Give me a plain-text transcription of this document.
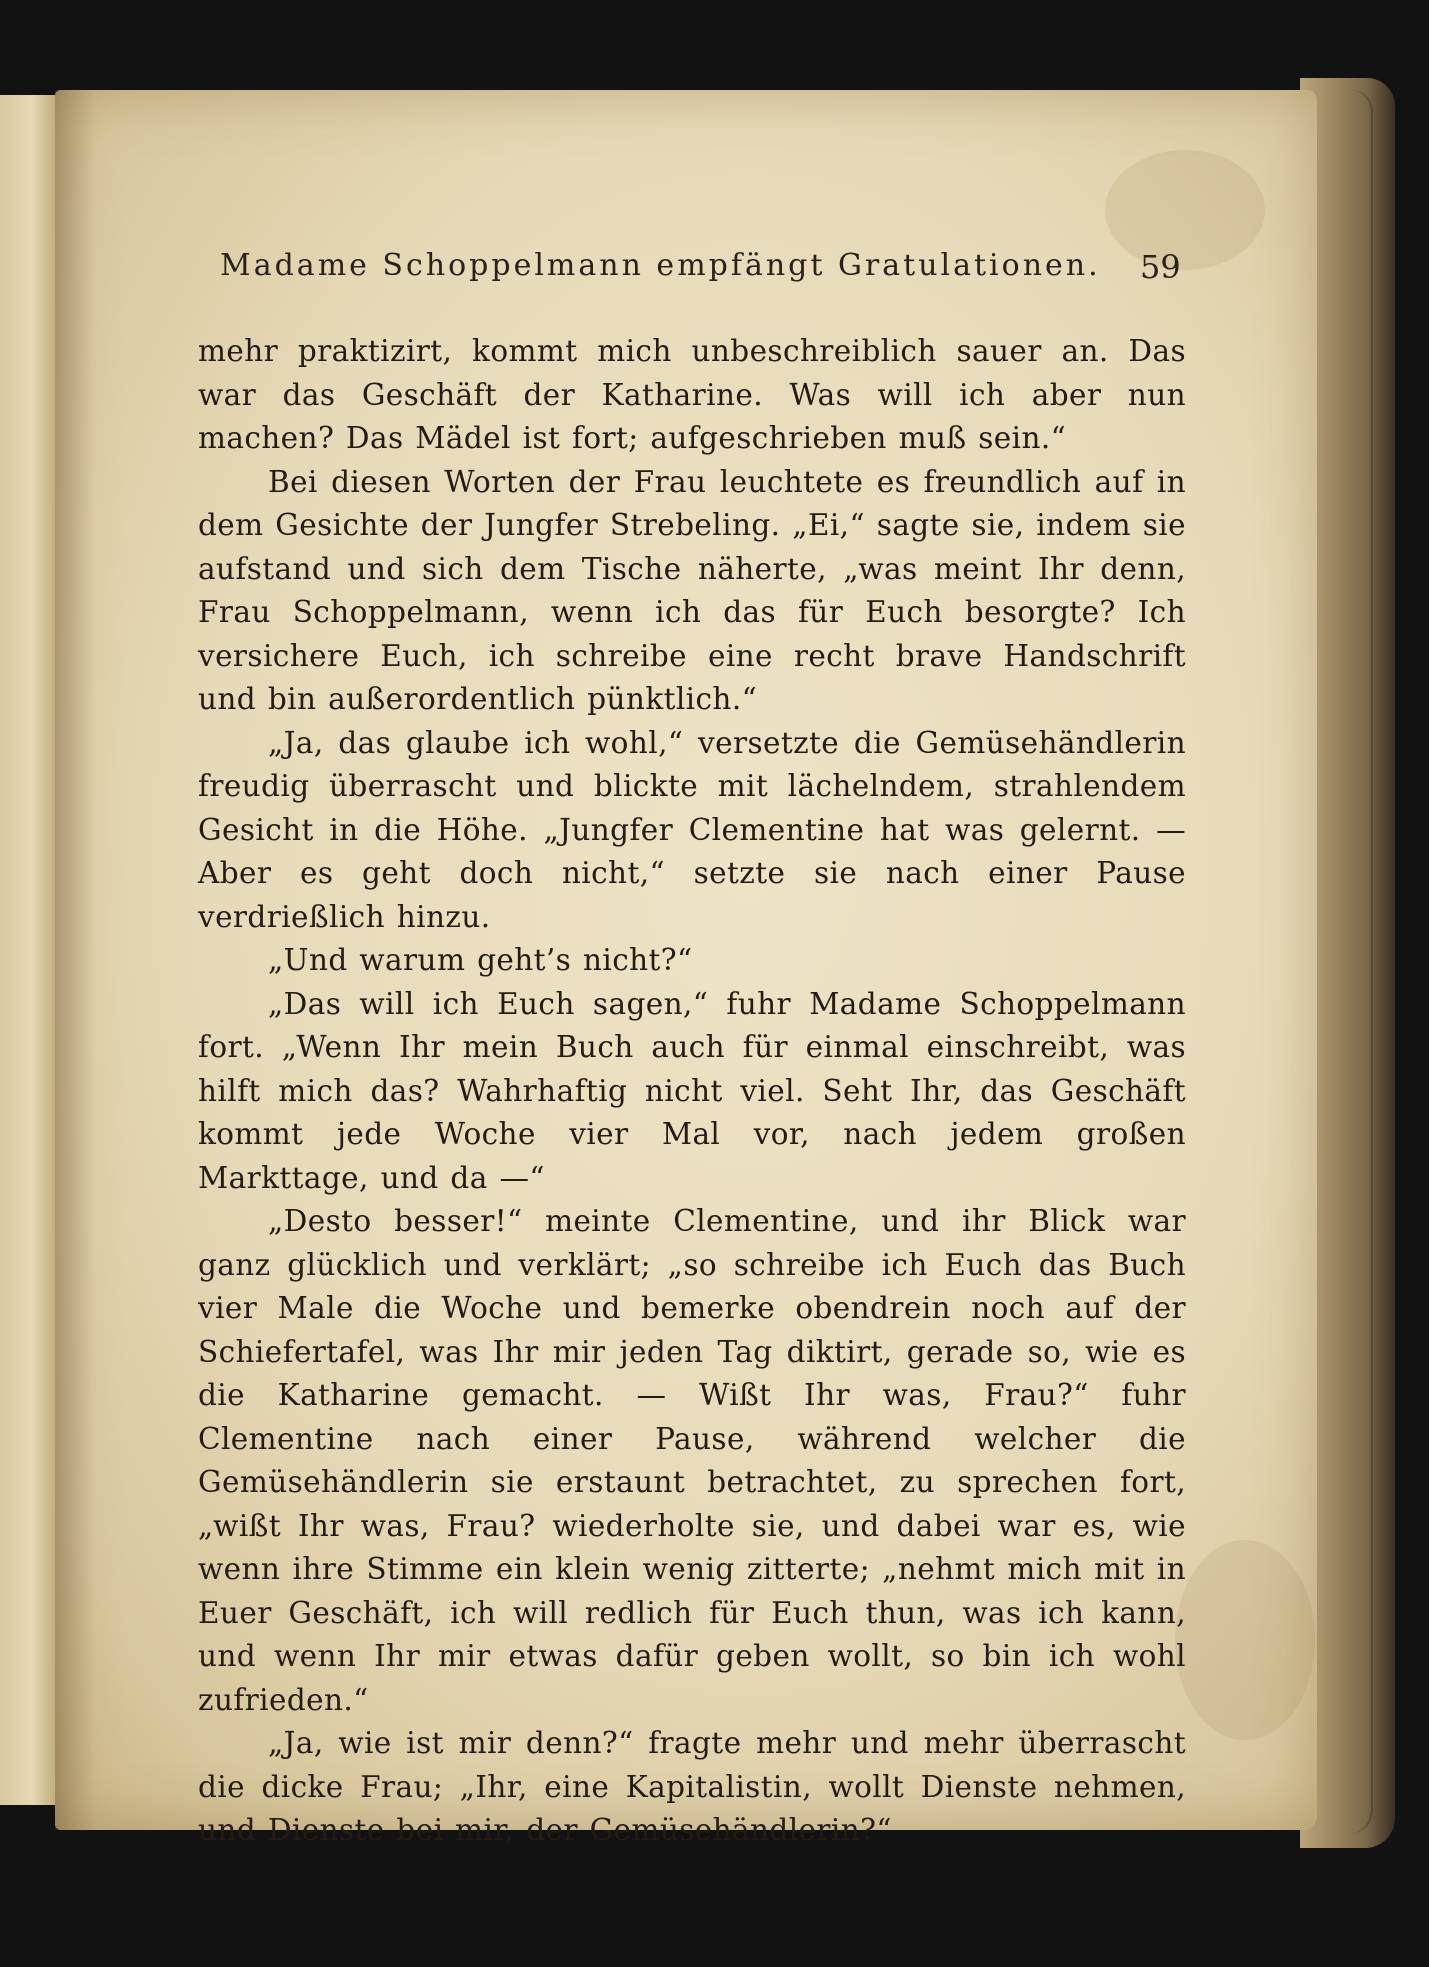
Madame Schoppelmann empfängt Gratulationen.	59

mehr praktizirt, kommt mich unbeschreiblich sauer an. Das war das Geschäft der Katharine. Was will ich aber nun machen? Das Mädel ist fort; aufgeschrieben muß sein.“

Bei diesen Worten der Frau leuchtete es freundlich auf in dem Gesichte der Jungfer Strebeling. „Ei,“ sagte sie, indem sie aufstand und sich dem Tische näherte, „was meint Ihr denn, Frau Schoppelmann, wenn ich das für Euch besorgte? Ich versichere Euch, ich schreibe eine recht brave Handschrift und bin außerordentlich pünktlich.“

„Ja, das glaube ich wohl,“ versetzte die Gemüsehändlerin freudig überrascht und blickte mit lächelndem, strahlendem Gesicht in die Höhe. „Jungfer Clementine hat was gelernt. — Aber es geht doch nicht,“ setzte sie nach einer Pause verdrießlich hinzu.

„Und warum geht’s nicht?“

„Das will ich Euch sagen,“ fuhr Madame Schoppelmann fort. „Wenn Ihr mein Buch auch für einmal einschreibt, was hilft mich das? Wahrhaftig nicht viel. Seht Ihr, das Geschäft kommt jede Woche vier Mal vor, nach jedem großen Markttage, und da —“

„Desto besser!“ meinte Clementine, und ihr Blick war ganz glücklich und verklärt; „so schreibe ich Euch das Buch vier Male die Woche und bemerke obendrein noch auf der Schiefertafel, was Ihr mir jeden Tag diktirt, gerade so, wie es die Katharine gemacht. — Wißt Ihr was, Frau?“ fuhr Clementine nach einer Pause, während welcher die Gemüsehändlerin sie erstaunt betrachtet, zu sprechen fort, „wißt Ihr was, Frau? wiederholte sie, und dabei war es, wie wenn ihre Stimme ein klein wenig zitterte; „nehmt mich mit in Euer Geschäft, ich will redlich für Euch thun, was ich kann, und wenn Ihr mir etwas dafür geben wollt, so bin ich wohl zufrieden.“

„Ja, wie ist mir denn?“ fragte mehr und mehr überrascht die dicke Frau; „Ihr, eine Kapitalistin, wollt Dienste nehmen, und Dienste bei mir, der Gemüsehändlerin?“
